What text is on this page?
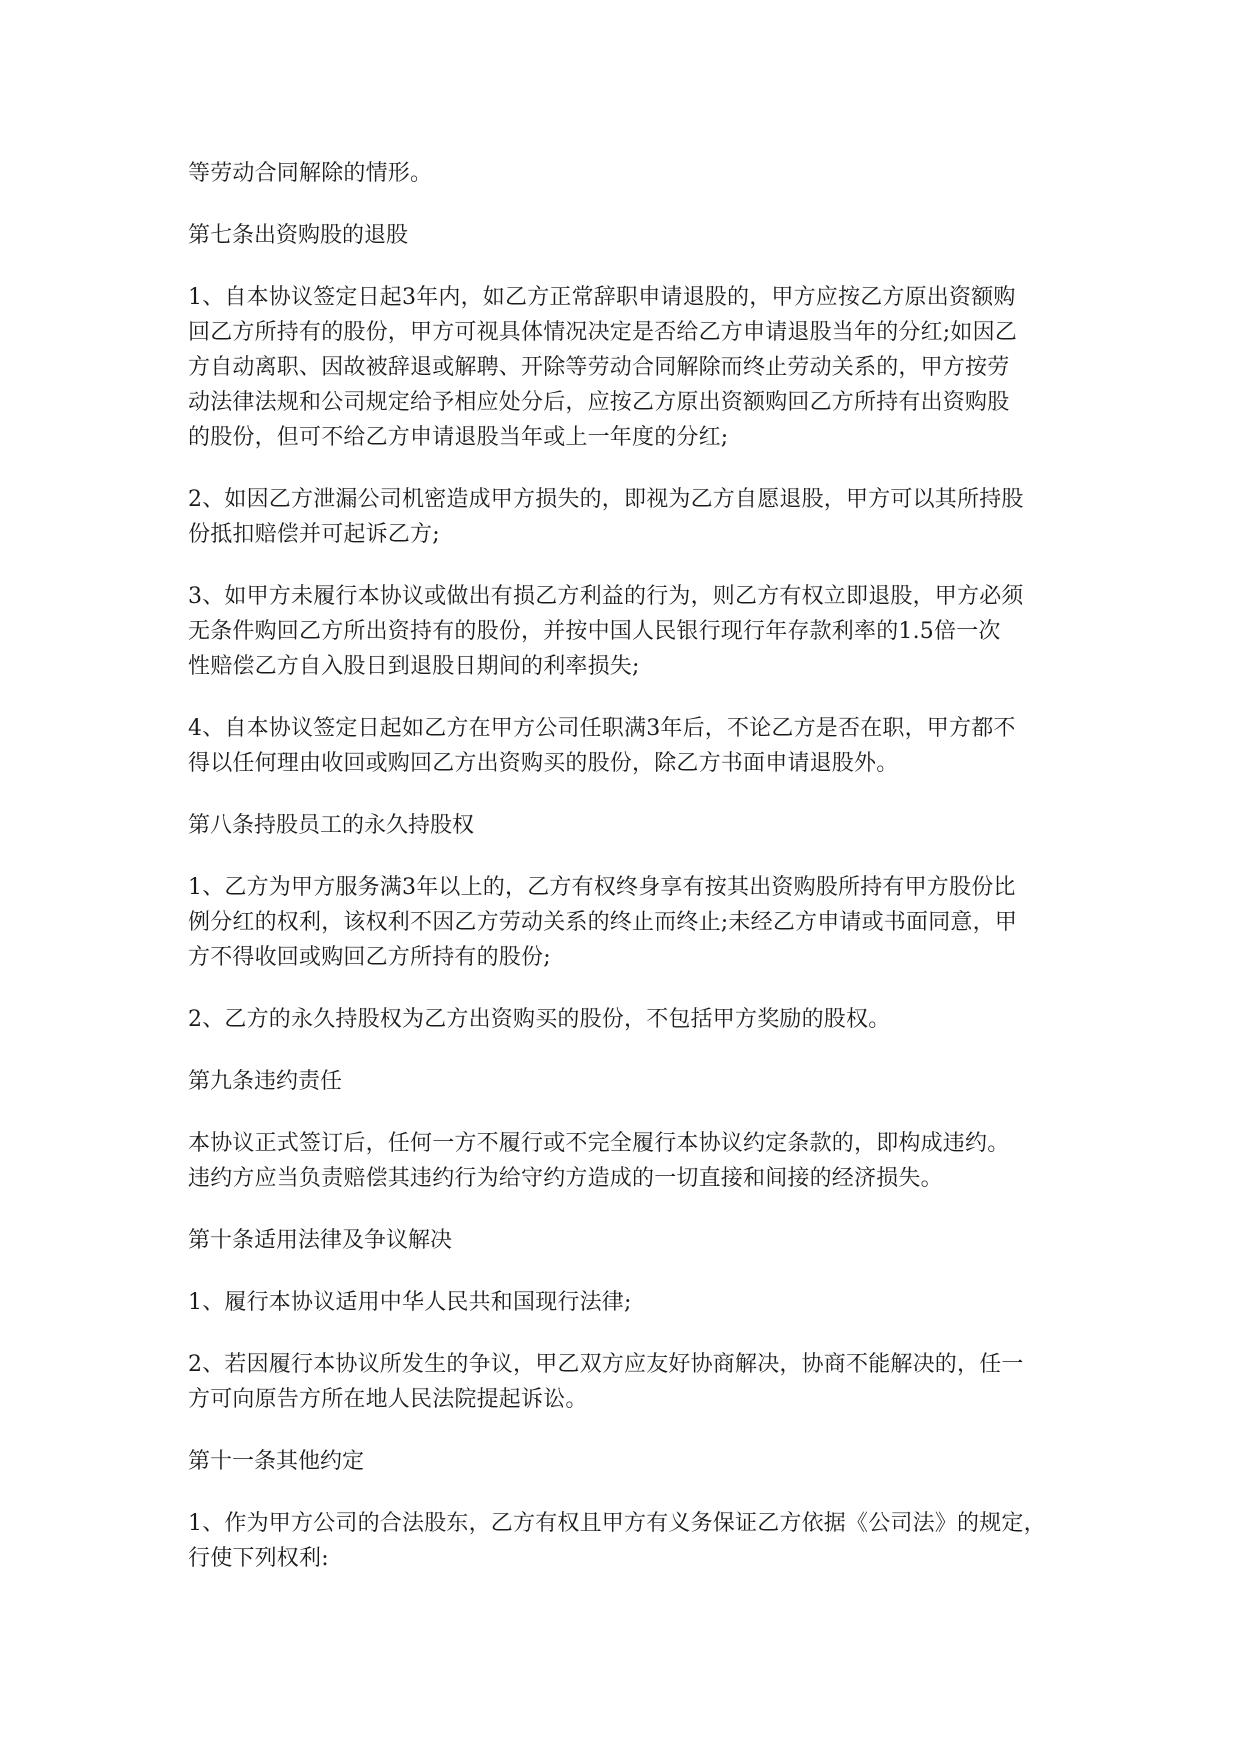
等劳动合同解除的情形。
第七条出资购股的退股
1、自本协议签定日起3年内，如乙方正常辞职申请退股的，甲方应按乙方原出资额购
回乙方所持有的股份，甲方可视具体情况决定是否给乙方申请退股当年的分红;如因乙
方自动离职、因故被辞退或解聘、开除等劳动合同解除而终止劳动关系的，甲方按劳
动法律法规和公司规定给予相应处分后，应按乙方原出资额购回乙方所持有出资购股
的股份，但可不给乙方申请退股当年或上一年度的分红;
2、如因乙方泄漏公司机密造成甲方损失的，即视为乙方自愿退股，甲方可以其所持股
份抵扣赔偿并可起诉乙方;
3、如甲方未履行本协议或做出有损乙方利益的行为，则乙方有权立即退股，甲方必须
无条件购回乙方所出资持有的股份，并按中国人民银行现行年存款利率的1.5倍一次
性赔偿乙方自入股日到退股日期间的利率损失;
4、自本协议签定日起如乙方在甲方公司任职满3年后，不论乙方是否在职，甲方都不
得以任何理由收回或购回乙方出资购买的股份，除乙方书面申请退股外。
第八条持股员工的永久持股权
1、乙方为甲方服务满3年以上的，乙方有权终身享有按其出资购股所持有甲方股份比
例分红的权利，该权利不因乙方劳动关系的终止而终止;未经乙方申请或书面同意，甲
方不得收回或购回乙方所持有的股份;
2、乙方的永久持股权为乙方出资购买的股份，不包括甲方奖励的股权。
第九条违约责任
本协议正式签订后，任何一方不履行或不完全履行本协议约定条款的，即构成违约。
违约方应当负责赔偿其违约行为给守约方造成的一切直接和间接的经济损失。
第十条适用法律及争议解决
1、履行本协议适用中华人民共和国现行法律;
2、若因履行本协议所发生的争议，甲乙双方应友好协商解决，协商不能解决的，任一
方可向原告方所在地人民法院提起诉讼。
第十一条其他约定
1、作为甲方公司的合法股东，乙方有权且甲方有义务保证乙方依据《公司法》的规定，
行使下列权利:
